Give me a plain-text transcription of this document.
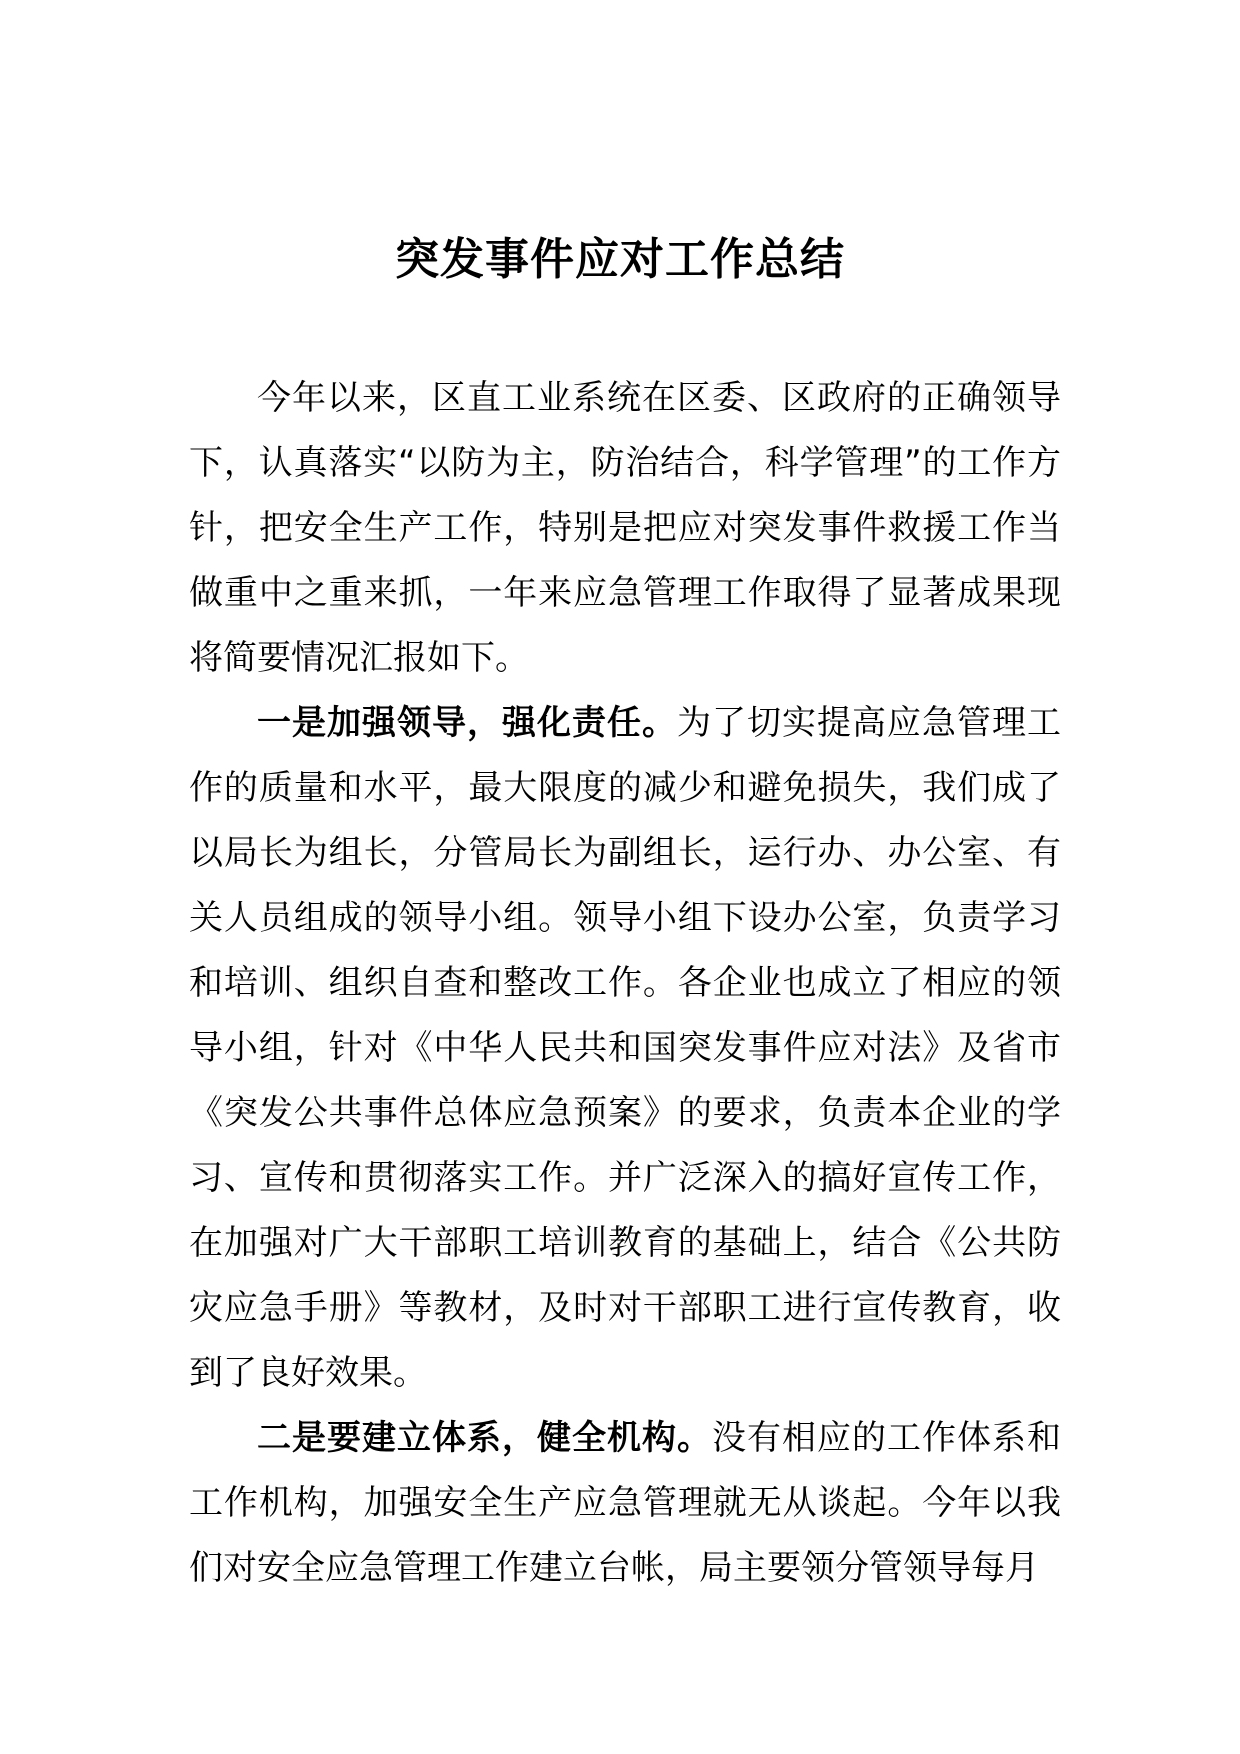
突发事件应对工作总结

今年以来，区直工业系统在区委、区政府的正确领导下，认真落实“以防为主，防治结合，科学管理”的工作方针，把安全生产工作，特别是把应对突发事件救援工作当做重中之重来抓，一年来应急管理工作取得了显著成果现将简要情况汇报如下。

一是加强领导，强化责任。为了切实提高应急管理工作的质量和水平，最大限度的减少和避免损失，我们成了以局长为组长，分管局长为副组长，运行办、办公室、有关人员组成的领导小组。领导小组下设办公室，负责学习和培训、组织自查和整改工作。各企业也成立了相应的领导小组，针对《中华人民共和国突发事件应对法》及省市《突发公共事件总体应急预案》的要求，负责本企业的学习、宣传和贯彻落实工作。并广泛深入的搞好宣传工作，在加强对广大干部职工培训教育的基础上，结合《公共防灾应急手册》等教材，及时对干部职工进行宣传教育，收到了良好效果。

二是要建立体系，健全机构。没有相应的工作体系和工作机构，加强安全生产应急管理就无从谈起。今年以我们对安全应急管理工作建立台帐，局主要领分管领导每月
